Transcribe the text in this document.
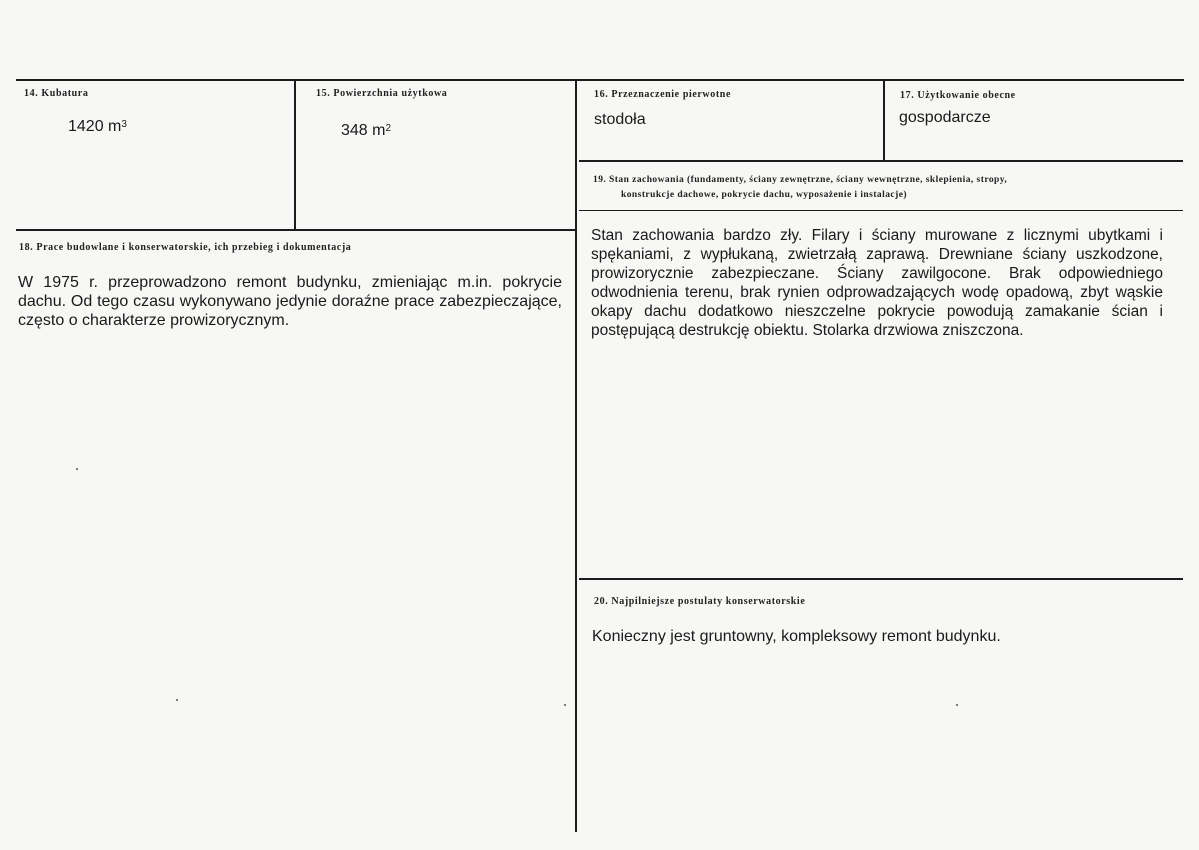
14. Kubatura
1420 $m^3$
15. Powierzchnia użytkowa
348 $m^2$
16. Przeznaczenie pierwotne
stodoła
17. Użytkowanie obecne
gospodarcze
19. Stan zachowania (fundamenty, ściany zewnętrzne, ściany wewnętrzne, sklepienia, stropy,
konstrukcje dachowe, pokrycie dachu, wyposażenie i instalacje)
Stan zachowania bardzo zły. Filary i ściany murowane z licznymi ubytkami i spękaniami, z wypłukaną, zwietrzałą zaprawą. Drewniane ściany uszkodzone, prowizorycznie zabezpieczane. Ściany zawilgocone. Brak odpowiedniego odwodnienia terenu, brak rynien odprowadzających wodę opadową, zbyt wąskie okapy dachu dodatkowo nieszczelne pokrycie powodują zamakanie ścian i postępującą destrukcję obiektu. Stolarka drzwiowa zniszczona.
18. Prace budowlane i konserwatorskie, ich przebieg i dokumentacja
W 1975 r. przeprowadzono remont budynku, zmieniając m.in. pokrycie dachu. Od tego czasu wykonywano jedynie doraźne prace zabezpieczające, często o charakterze prowizorycznym.
20. Najpilniejsze postulaty konserwatorskie
Konieczny jest gruntowny, kompleksowy remont budynku.
